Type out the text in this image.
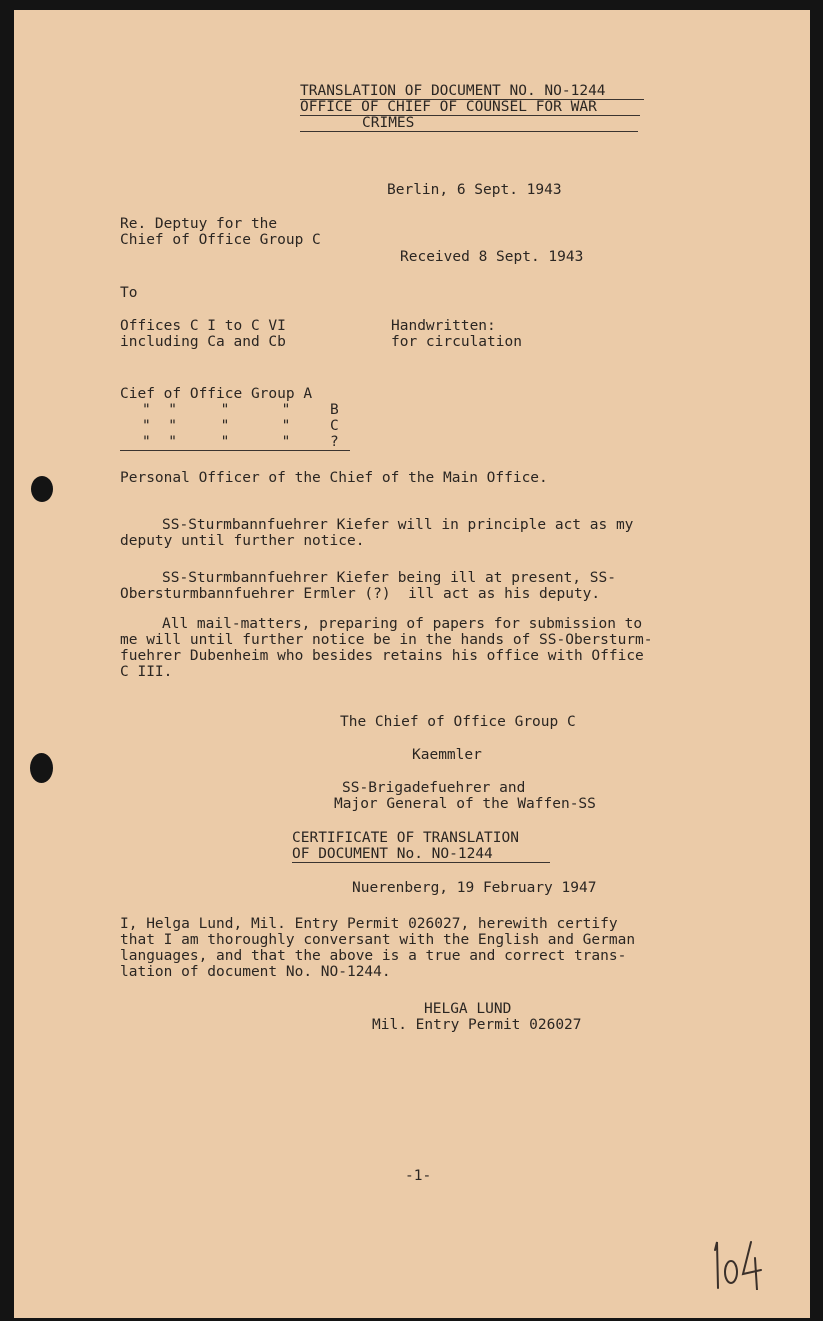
TRANSLATION OF DOCUMENT NO. NO-1244
OFFICE OF CHIEF OF COUNSEL FOR WAR
CRIMES
Berlin, 6 Sept. 1943
Re. Deptuy for the
Chief of Office Group C
Received 8 Sept. 1943
To
Offices C I to C VI
including Ca and Cb
Handwritten:
for circulation
Cief of Office Group A
"  "     "      "	B
"  "     "      "	C
"  "     "      "	?
Personal Officer of the Chief of the Main Office.
SS-Sturmbannfuehrer Kiefer will in principle act as my
deputy until further notice.
SS-Sturmbannfuehrer Kiefer being ill at present, SS-
Obersturmbannfuehrer Ermler (?)  ill act as his deputy.
All mail-matters, preparing of papers for submission to
me will until further notice be in the hands of SS-Obersturm-
fuehrer Dubenheim who besides retains his office with Office
C III.
The Chief of Office Group C
Kaemmler
SS-Brigadefuehrer and
Major General of the Waffen-SS
CERTIFICATE OF TRANSLATION
OF DOCUMENT No. NO-1244
Nuerenberg, 19 February 1947
I, Helga Lund, Mil. Entry Permit 026027, herewith certify
that I am thoroughly conversant with the English and German
languages, and that the above is a true and correct trans-
lation of document No. NO-1244.
HELGA LUND
Mil. Entry Permit 026027
-1-
